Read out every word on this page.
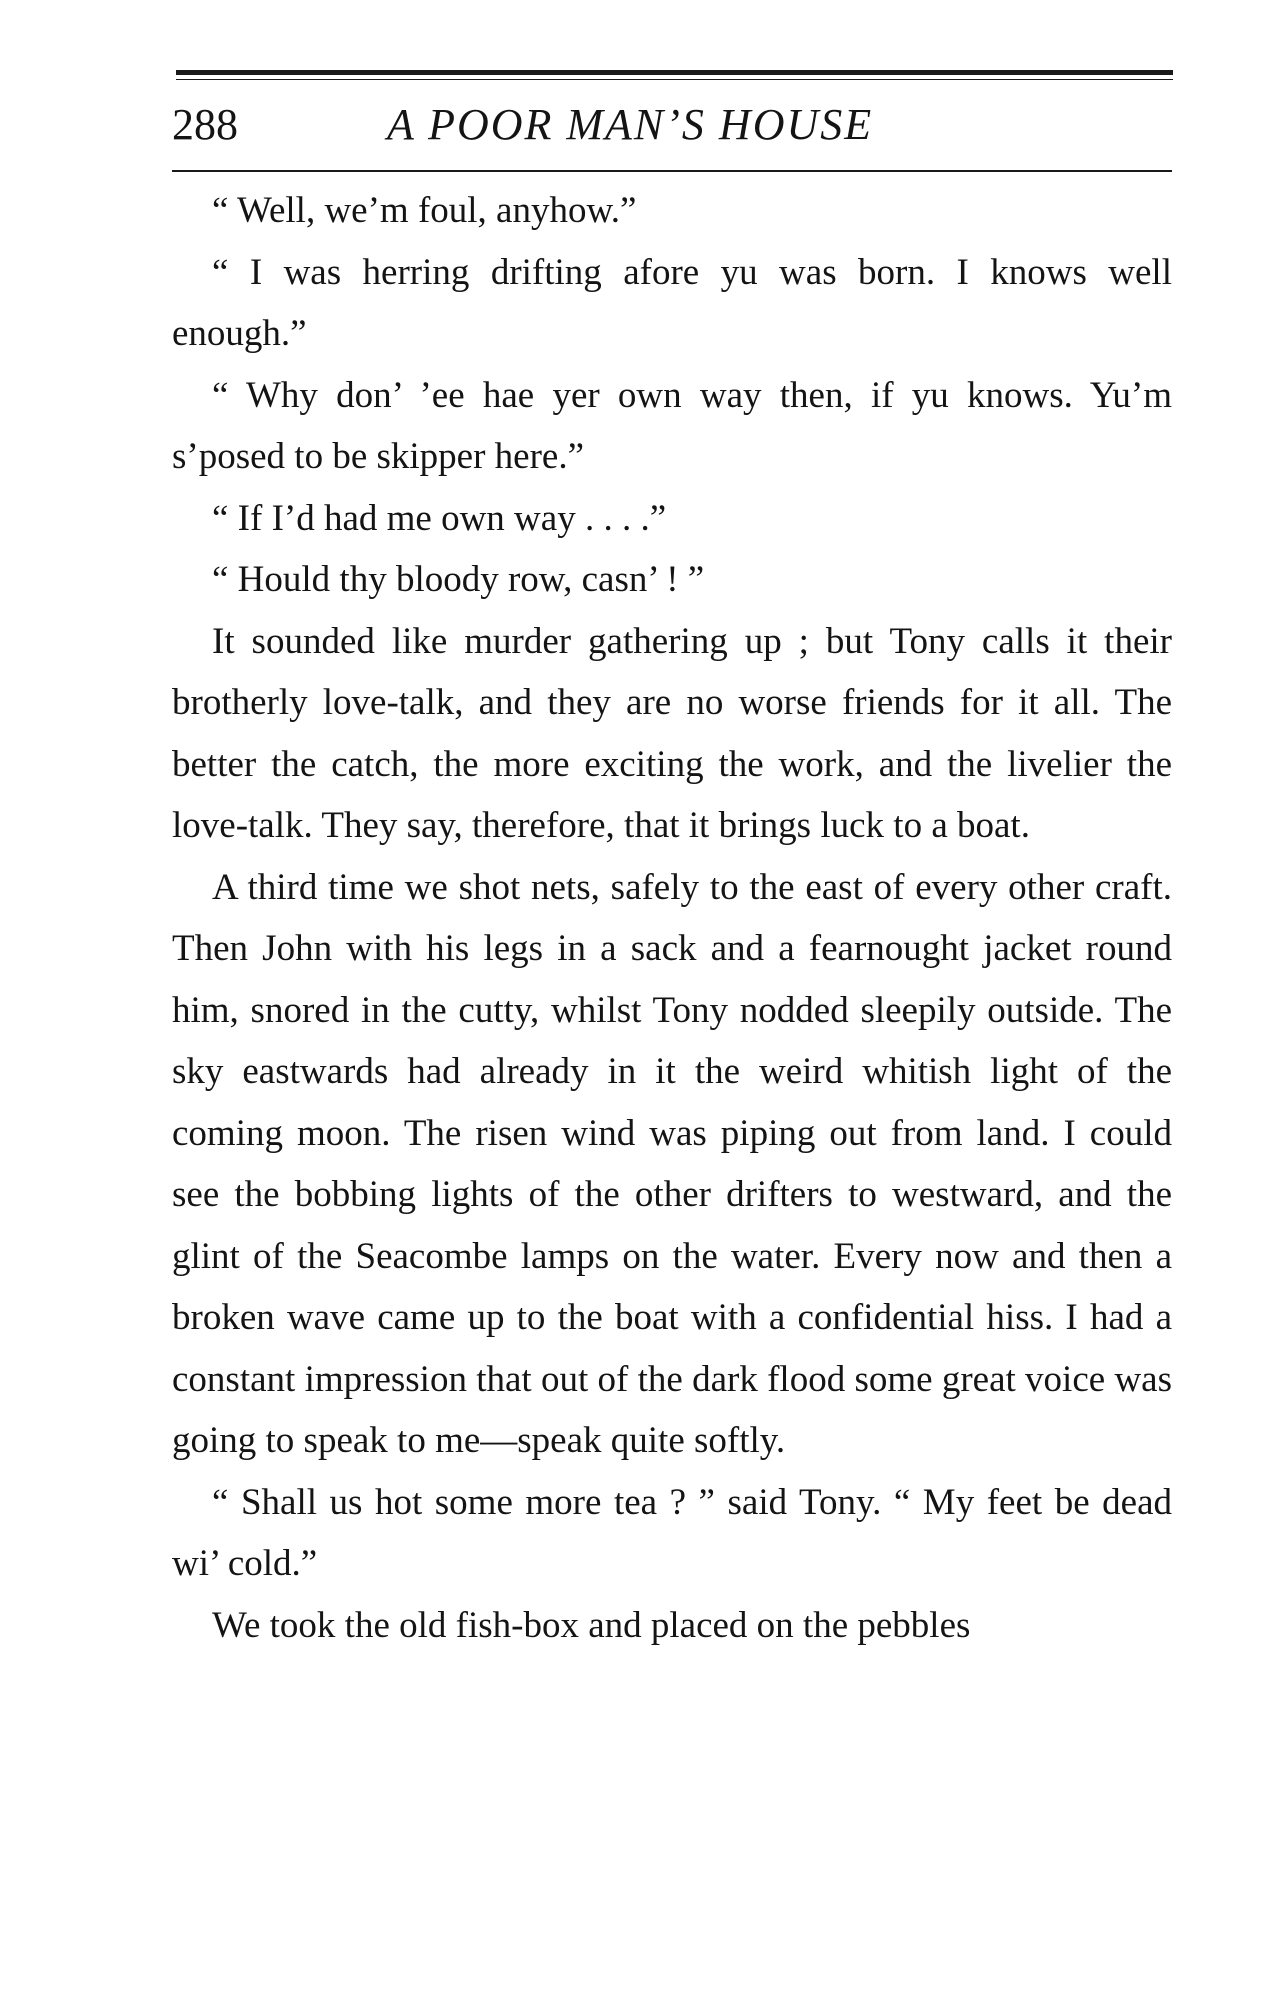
288	A POOR MAN’S HOUSE

“ Well, we’m foul, anyhow.”

“ I was herring drifting afore yu was born. I knows well enough.”

“ Why don’ ’ee hae yer own way then, if yu knows. Yu’m s’posed to be skipper here.”

“ If I’d had me own way . . . .”

“ Hould thy bloody row, casn’ ! ”

It sounded like murder gathering up ; but Tony calls it their brotherly love-talk, and they are no worse friends for it all. The better the catch, the more exciting the work, and the livelier the love-talk. They say, therefore, that it brings luck to a boat.

A third time we shot nets, safely to the east of every other craft. Then John with his legs in a sack and a fearnought jacket round him, snored in the cutty, whilst Tony nodded sleepily outside. The sky eastwards had already in it the weird whitish light of the coming moon. The risen wind was piping out from land. I could see the bobbing lights of the other drifters to westward, and the glint of the Seacombe lamps on the water. Every now and then a broken wave came up to the boat with a confidential hiss. I had a constant impression that out of the dark flood some great voice was going to speak to me—speak quite softly.

“ Shall us hot some more tea ? ” said Tony. “ My feet be dead wi’ cold.”

We took the old fish-box and placed on the pebbles
